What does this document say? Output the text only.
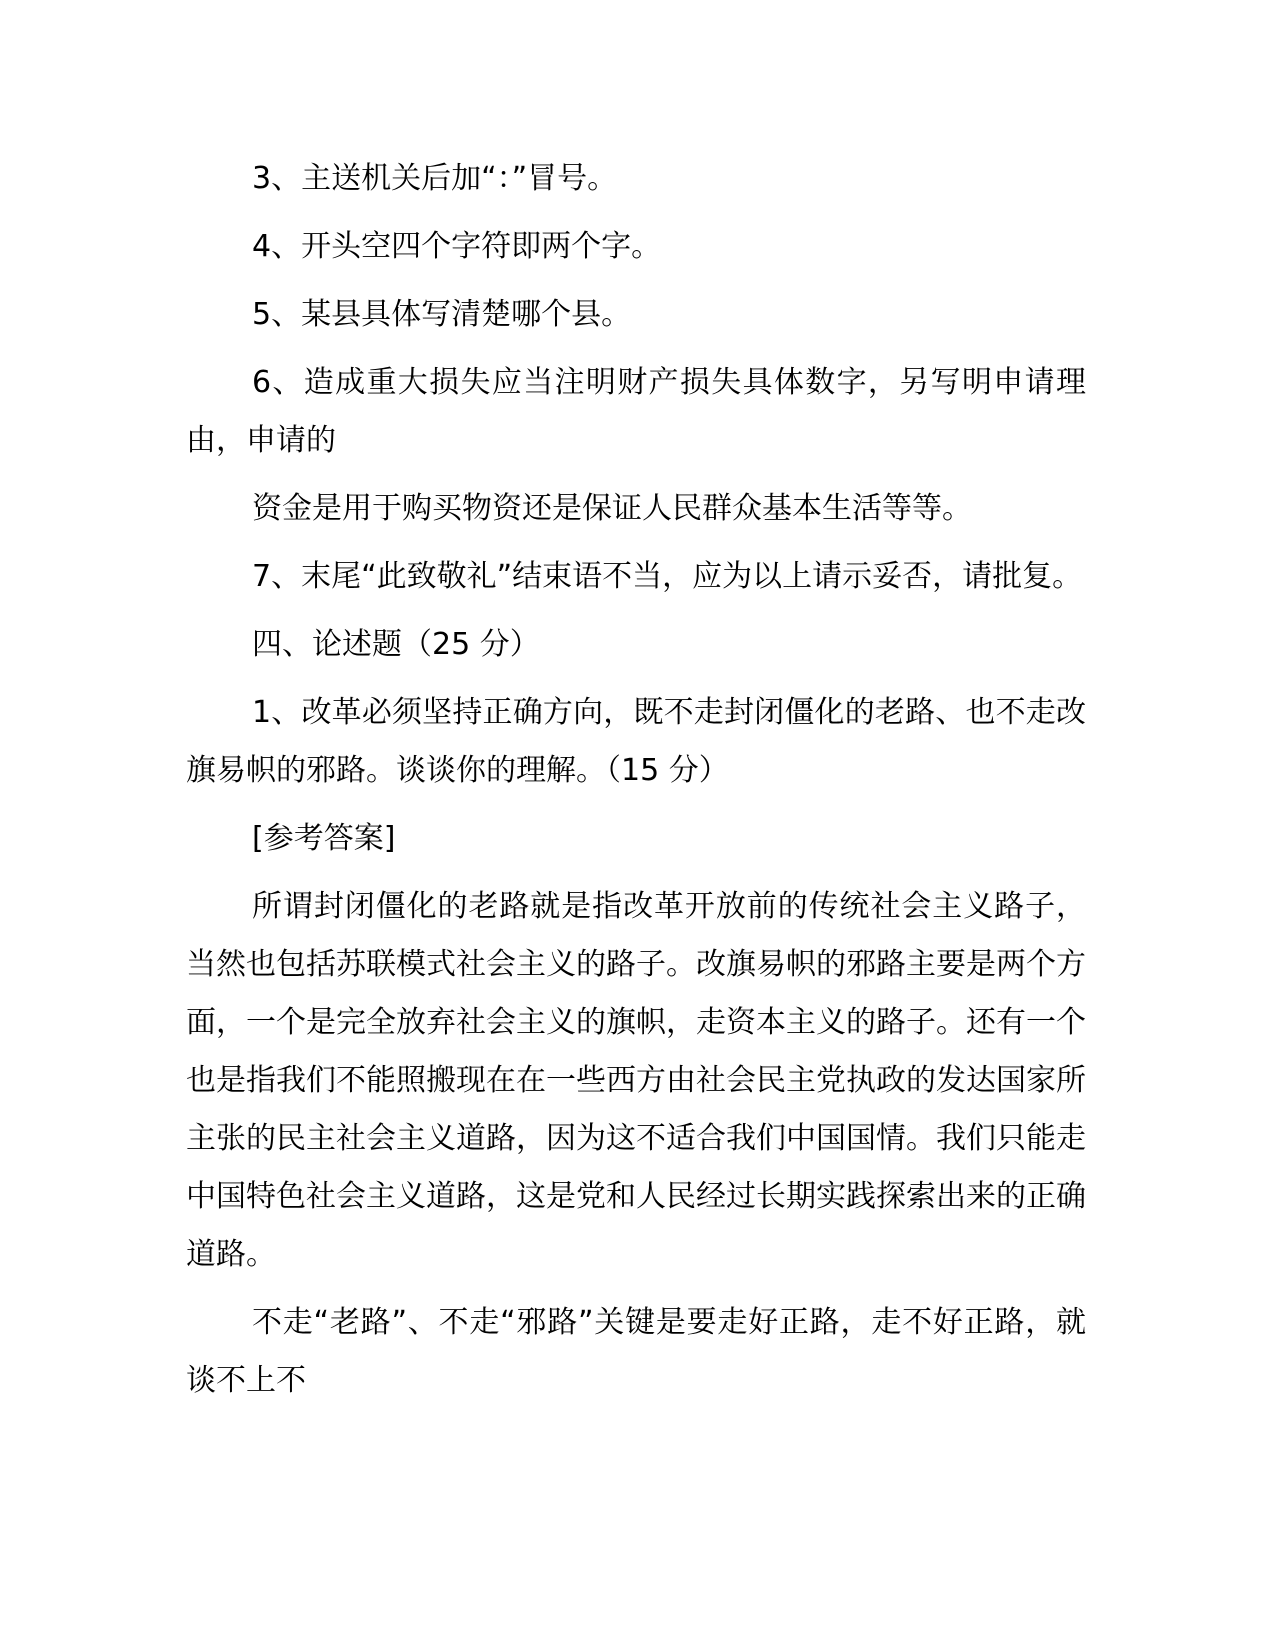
3、主送机关后加“：”冒号。

4、开头空四个字符即两个字。

5、某县具体写清楚哪个县。

6、造成重大损失应当注明财产损失具体数字，另写明申请理由，申请的

资金是用于购买物资还是保证人民群众基本生活等等。

7、末尾“此致敬礼”结束语不当，应为以上请示妥否，请批复。

四、论述题（25 分）

1、改革必须坚持正确方向，既不走封闭僵化的老路、也不走改旗易帜的邪路。谈谈你的理解。（15 分）

[参考答案]

所谓封闭僵化的老路就是指改革开放前的传统社会主义路子，当然也包括苏联模式社会主义的路子。改旗易帜的邪路主要是两个方面，一个是完全放弃社会主义的旗帜，走资本主义的路子。还有一个也是指我们不能照搬现在在一些西方由社会民主党执政的发达国家所主张的民主社会主义道路，因为这不适合我们中国国情。我们只能走中国特色社会主义道路，这是党和人民经过长期实践探索出来的正确道路。

不走“老路”、不走“邪路”关键是要走好正路，走不好正路，就谈不上不
